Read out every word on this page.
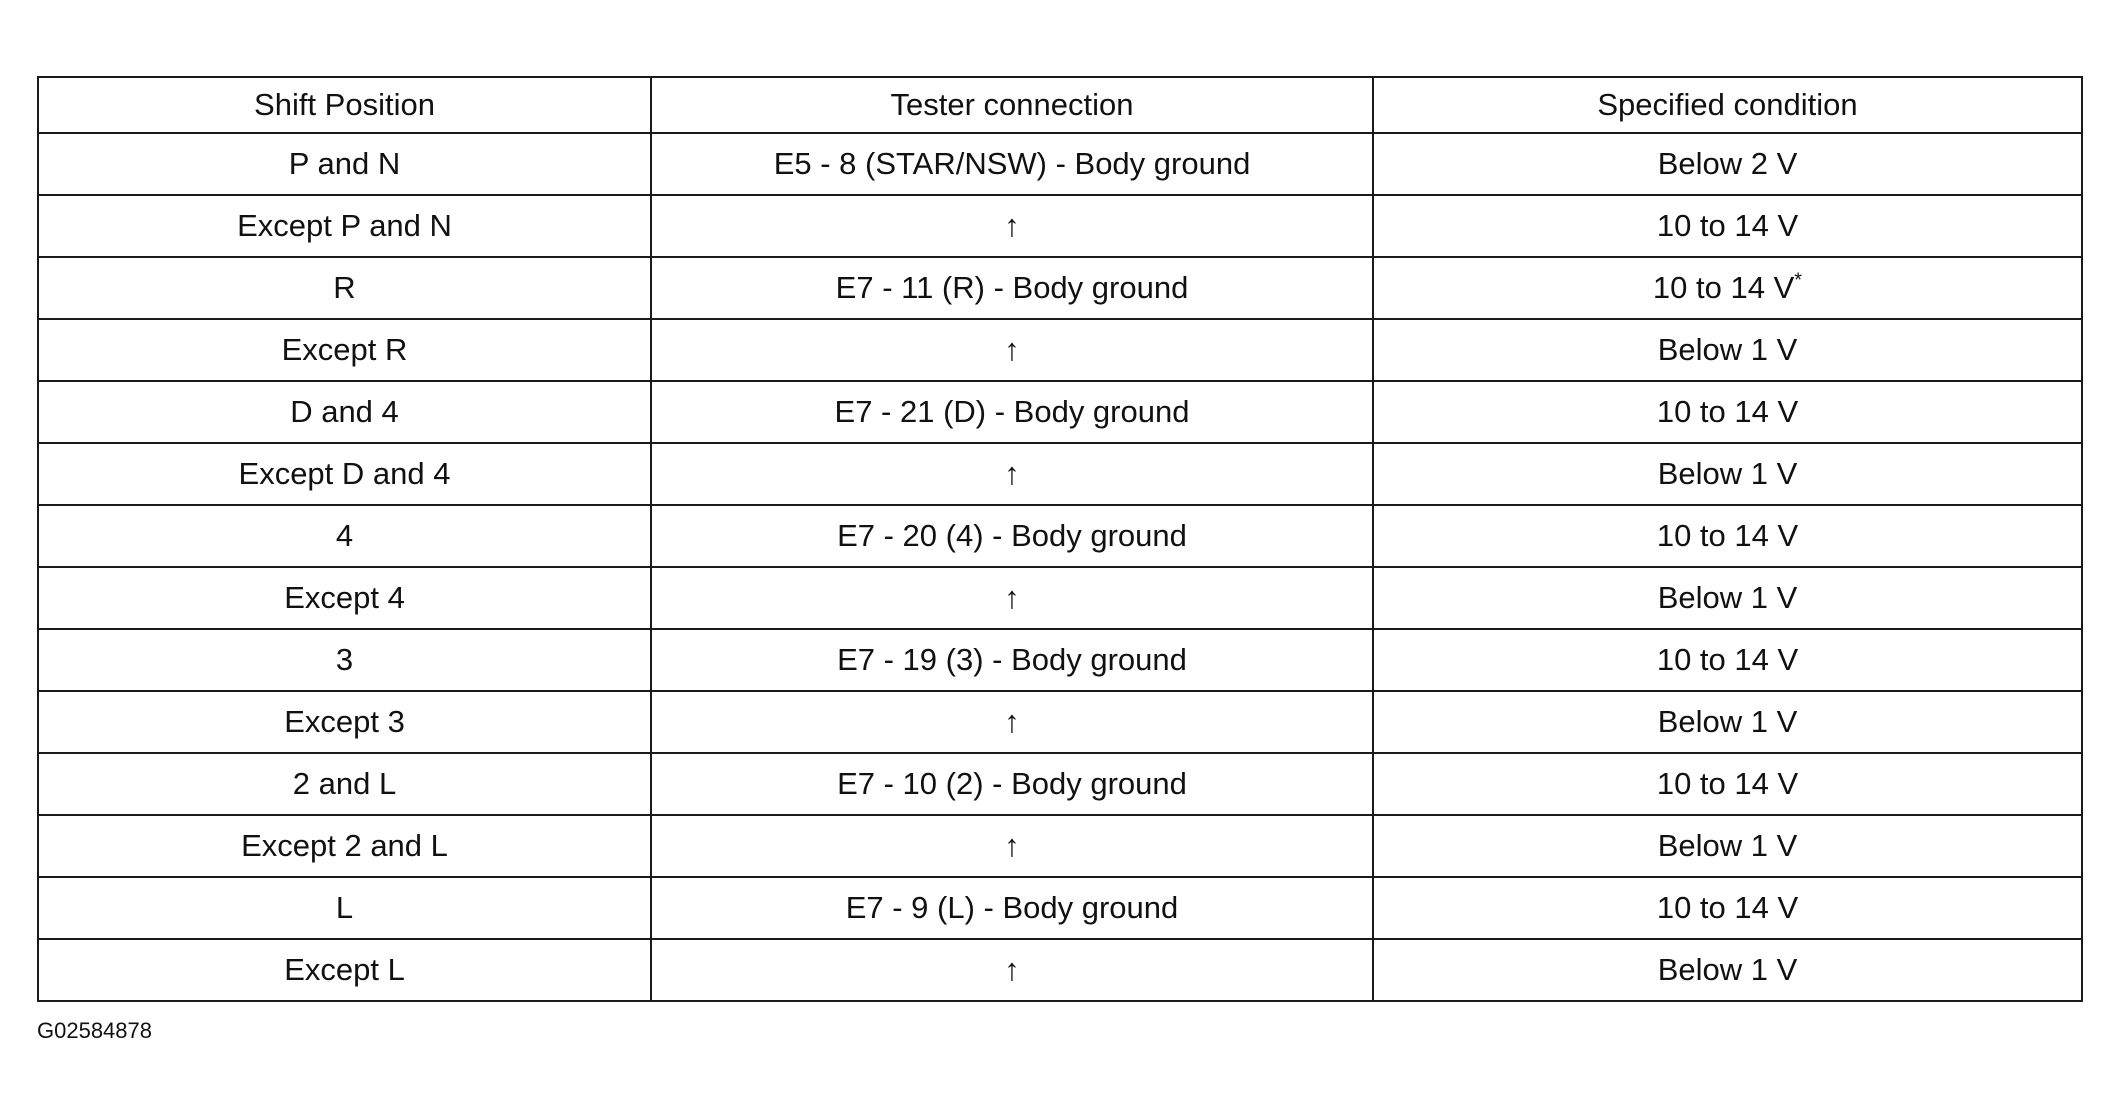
Shift Position	Tester connection	Specified condition
P and N	E5 - 8 (STAR/NSW) - Body ground	Below 2 V
Except P and N	↑	10 to 14 V
R	E7 - 11 (R) - Body ground	10 to 14 V*
Except R	↑	Below 1 V
D and 4	E7 - 21 (D) - Body ground	10 to 14 V
Except D and 4	↑	Below 1 V
4	E7 - 20 (4) - Body ground	10 to 14 V
Except 4	↑	Below 1 V
3	E7 - 19 (3) - Body ground	10 to 14 V
Except 3	↑	Below 1 V
2 and L	E7 - 10 (2) - Body ground	10 to 14 V
Except 2 and L	↑	Below 1 V
L	E7 - 9 (L) - Body ground	10 to 14 V
Except L	↑	Below 1 V
G02584878
